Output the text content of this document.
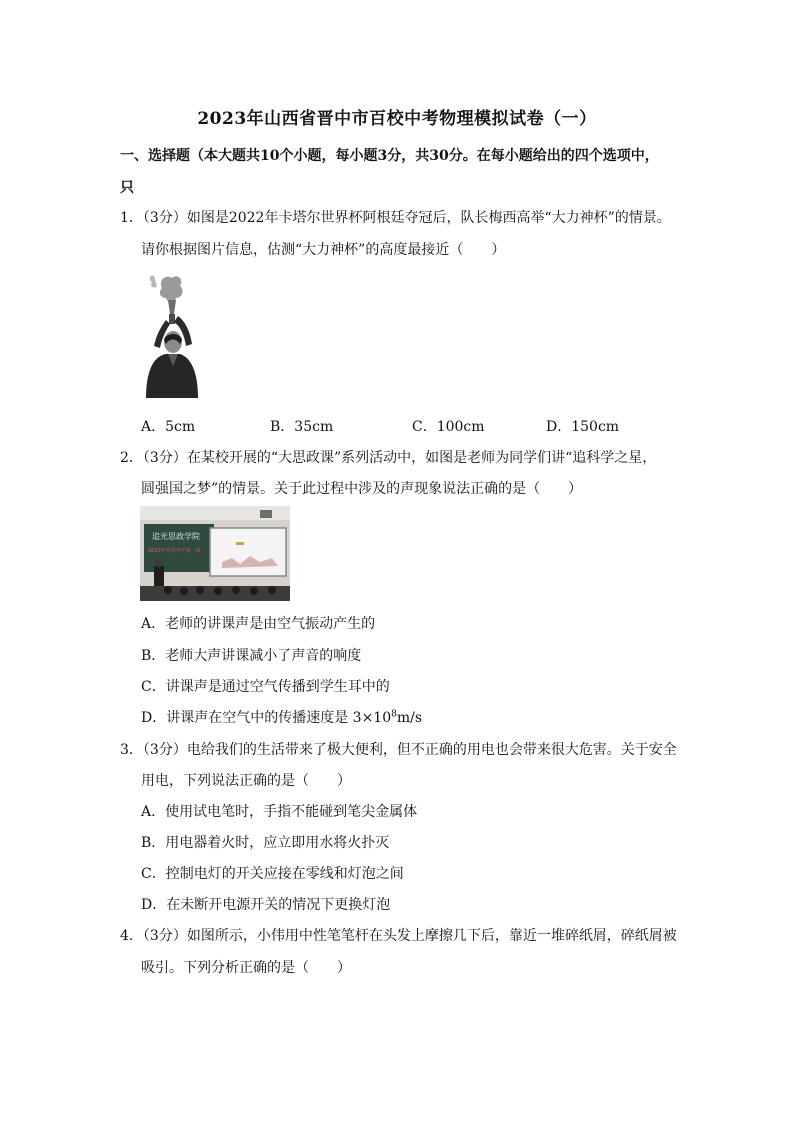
2023年山西省晋中市百校中考物理模拟试卷（一）
一、选择题（本大题共10个小题，每小题3分，共30分。在每小题给出的四个选项中，
只
1．（3分）如图是2022年卡塔尔世界杯阿根廷夺冠后，队长梅西高举“大力神杯”的情景。
请你根据图片信息，估测“大力神杯”的高度最接近（　　）
A．5cm	B．35cm	C．100cm	D．150cm
2．（3分）在某校开展的“大思政课”系列活动中，如图是老师为同学们讲“追科学之星，
圆强国之梦”的情景。关于此过程中涉及的声现象说法正确的是（　　）
追光思政学院
2023年春季中学第一课
A．老师的讲课声是由空气振动产生的
B．老师大声讲课减小了声音的响度
C．讲课声是通过空气传播到学生耳中的
D．讲课声在空气中的传播速度是 $3\times 10^8m/s$
3．（3分）电给我们的生活带来了极大便利，但不正确的用电也会带来很大危害。关于安全
用电，下列说法正确的是（　　）
A．使用试电笔时，手指不能碰到笔尖金属体
B．用电器着火时，应立即用水将火扑灭
C．控制电灯的开关应接在零线和灯泡之间
D．在未断开电源开关的情况下更换灯泡
4．（3分）如图所示，小伟用中性笔笔杆在头发上摩擦几下后，靠近一堆碎纸屑，碎纸屑被
吸引。下列分析正确的是（　　）
